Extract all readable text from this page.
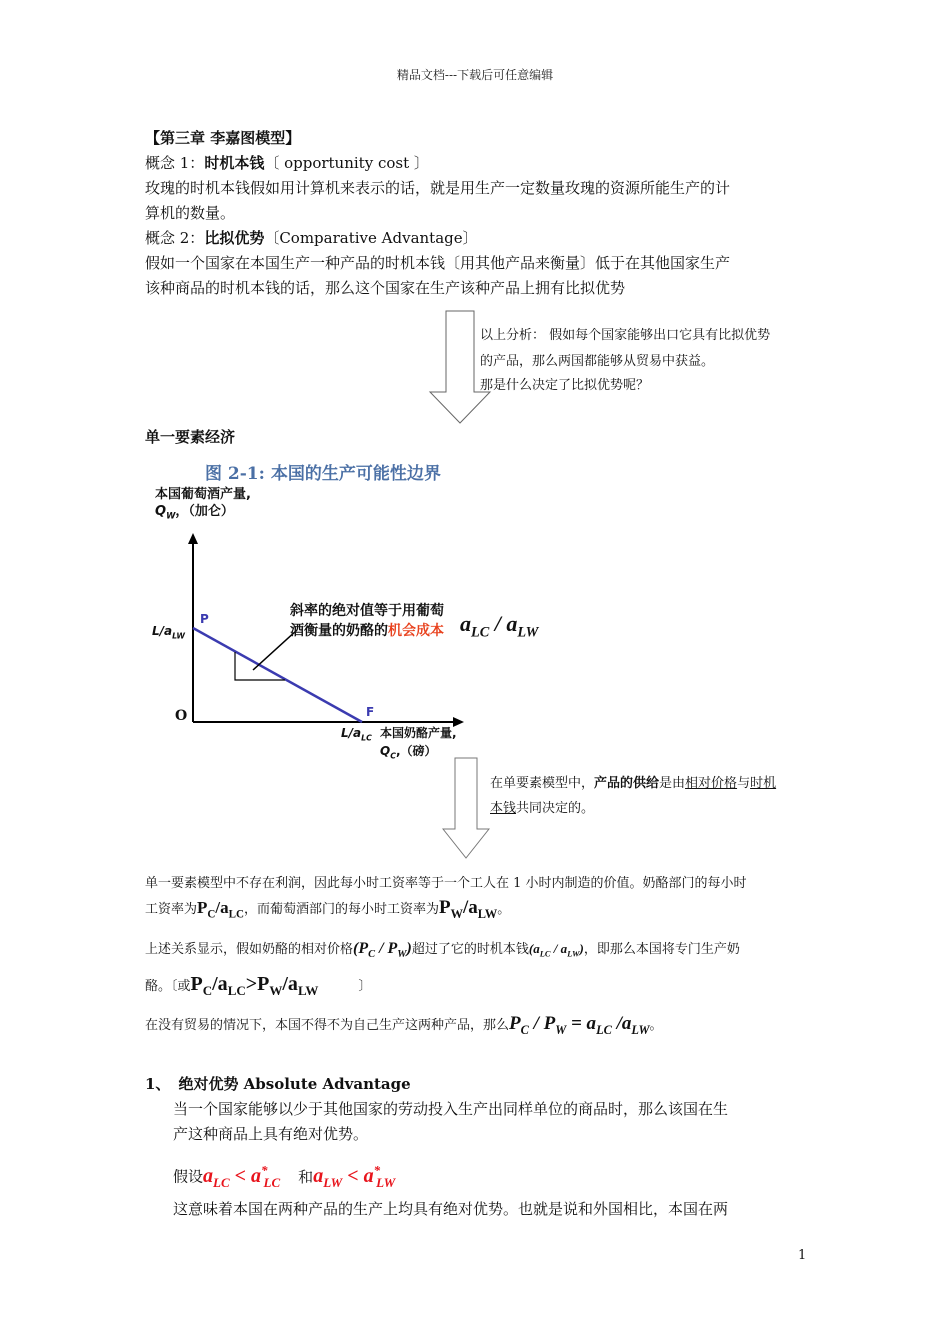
精品文档---下载后可任意编辑
【第三章 李嘉图模型】
概念 1：时机本钱〔 opportunity cost 〕
玫瑰的时机本钱假如用计算机来表示的话，就是用生产一定数量玫瑰的资源所能生产的计
算机的数量。
概念 2：比拟优势〔Comparative Advantage〕
假如一个国家在本国生产一种产品的时机本钱〔用其他产品来衡量〕低于在其他国家生产
该种商品的时机本钱的话，那么这个国家在生产该种产品上拥有比拟优势
以上分析： 假如每个国家能够出口它具有比拟优势
的产品，那么两国都能够从贸易中获益。
那是什么决定了比拟优势呢？
单一要素经济
图 2-1: 本国的生产可能性边界
本国葡萄酒产量,
$Q_W$，（加仑）
$L/a_{LW}$
P
F
O
$L/a_{LC}$ 本国奶酪产量,
$Q_C$,（磅）
斜率的绝对值等于用葡萄
酒衡量的奶酪的机会成本 $a_{LC} / a_{LW}$
在单要素模型中，产品的供给是由相对价格与时机
本钱共同决定的。
单一要素模型中不存在利润，因此每小时工资率等于一个工人在 1 小时内制造的价值。奶酪部门的每小时
工资率为$P_C/a_{LC}$，而葡萄酒部门的每小时工资率为$P_W/a_{LW}$。
上述关系显示，假如奶酪的相对价格$(P_C / P_W)$超过了它的时机本钱$(a_{LC} / a_{LW})$，即那么本国将专门生产奶
酪。〔或$P_C/a_{LC}>P_W/a_{LW}$	〕
在没有贸易的情况下，本国不得不为自己生产这两种产品，那么$P_C / P_W = a_{LC}$ $/a_{LW}$。
1、 绝对优势 Absolute Advantage
当一个国家能够以少于其他国家的劳动投入生产出同样单位的商品时，那么该国在生
产这种商品上具有绝对优势。
假设$a_{LC} < a^*_{LC}$ 和$a_{LW} < a^*_{LW}$
这意味着本国在两种产品的生产上均具有绝对优势。也就是说和外国相比，本国在两
1
